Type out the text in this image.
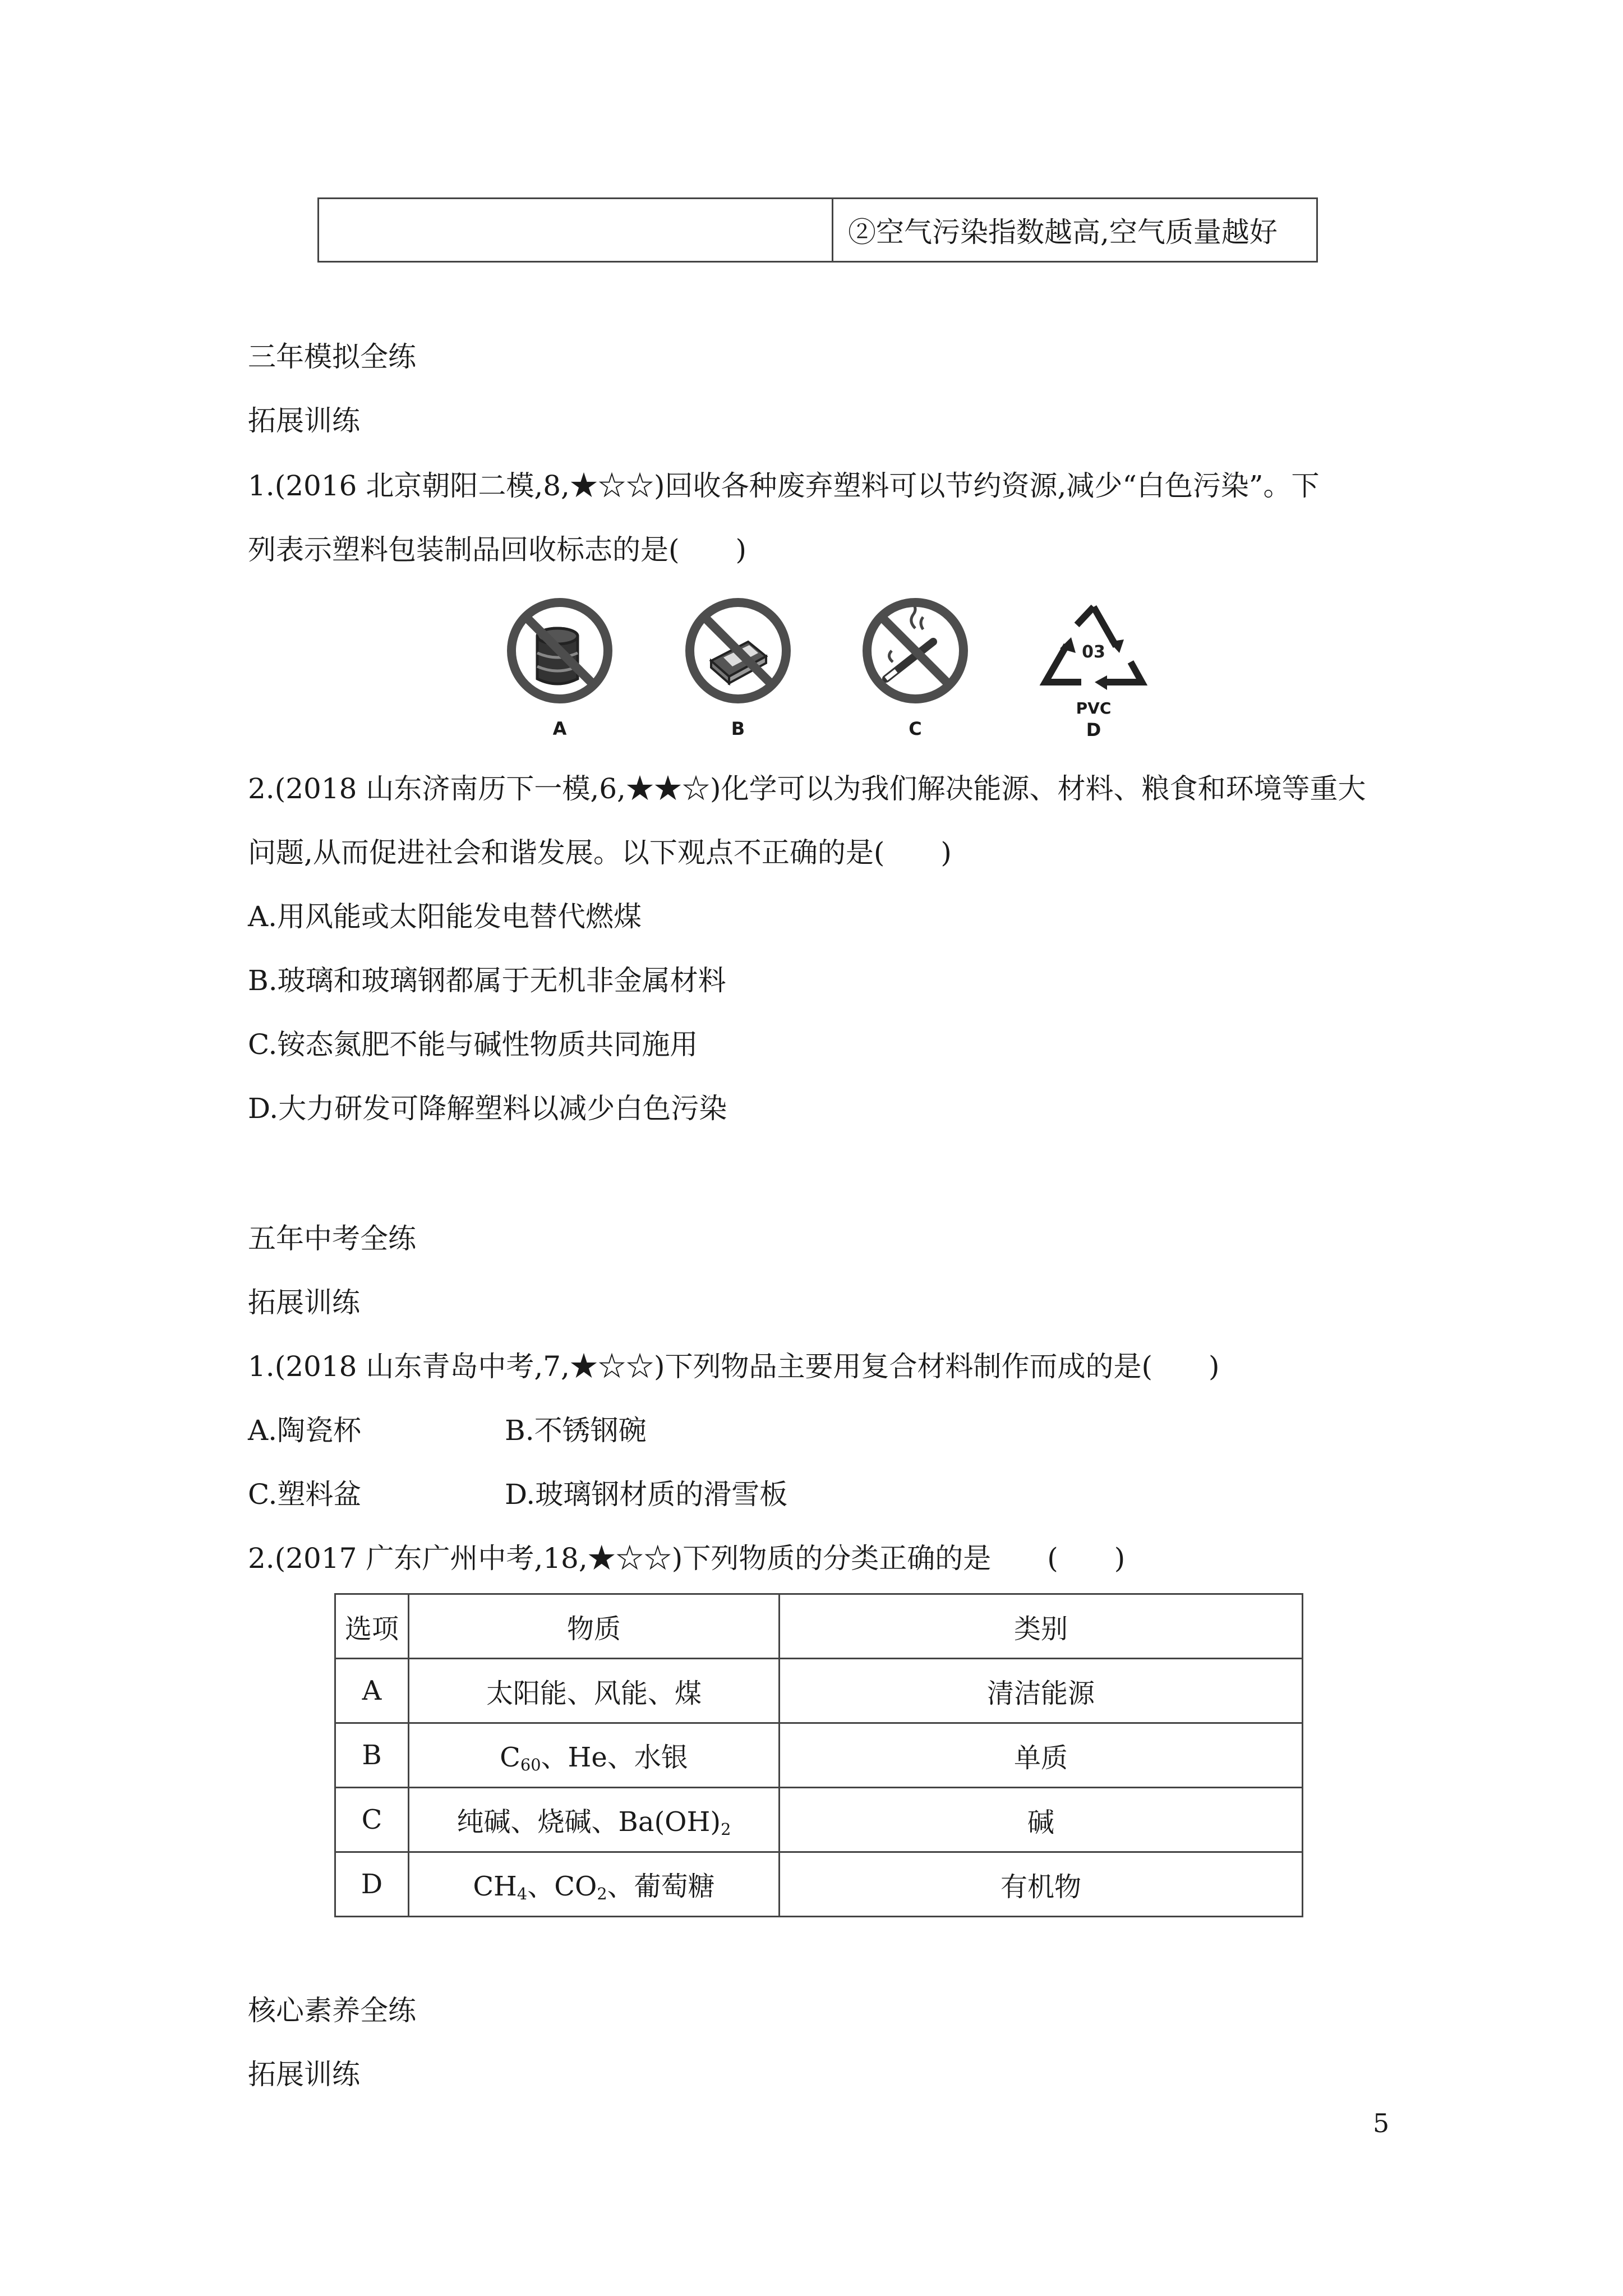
	②空气污染指数越高,空气质量越好
三年模拟全练
拓展训练
1.(2016 北京朝阳二模,8,★☆☆)回收各种废弃塑料可以节约资源,减少“白色污染”。下
列表示塑料包装制品回收标志的是(　　)
A	B	C
03
PVC
D
2.(2018 山东济南历下一模,6,★★☆)化学可以为我们解决能源、材料、粮食和环境等重大
问题,从而促进社会和谐发展。以下观点不正确的是(　　)
A.用风能或太阳能发电替代燃煤
B.玻璃和玻璃钢都属于无机非金属材料
C.铵态氮肥不能与碱性物质共同施用
D.大力研发可降解塑料以减少白色污染
五年中考全练
拓展训练
1.(2018 山东青岛中考,7,★☆☆)下列物品主要用复合材料制作而成的是(　　)
A.陶瓷杯	B.不锈钢碗
C.塑料盆	D.玻璃钢材质的滑雪板
2.(2017 广东广州中考,18,★☆☆)下列物质的分类正确的是　　(　　)
选项	物质	类别
A	太阳能、风能、煤	清洁能源
B	$C_{60}$、He、水银	单质
C	纯碱、烧碱、$Ba(OH)_2$	碱
D	$CH_4$、$CO_2$、葡萄糖	有机物
核心素养全练
拓展训练
5
